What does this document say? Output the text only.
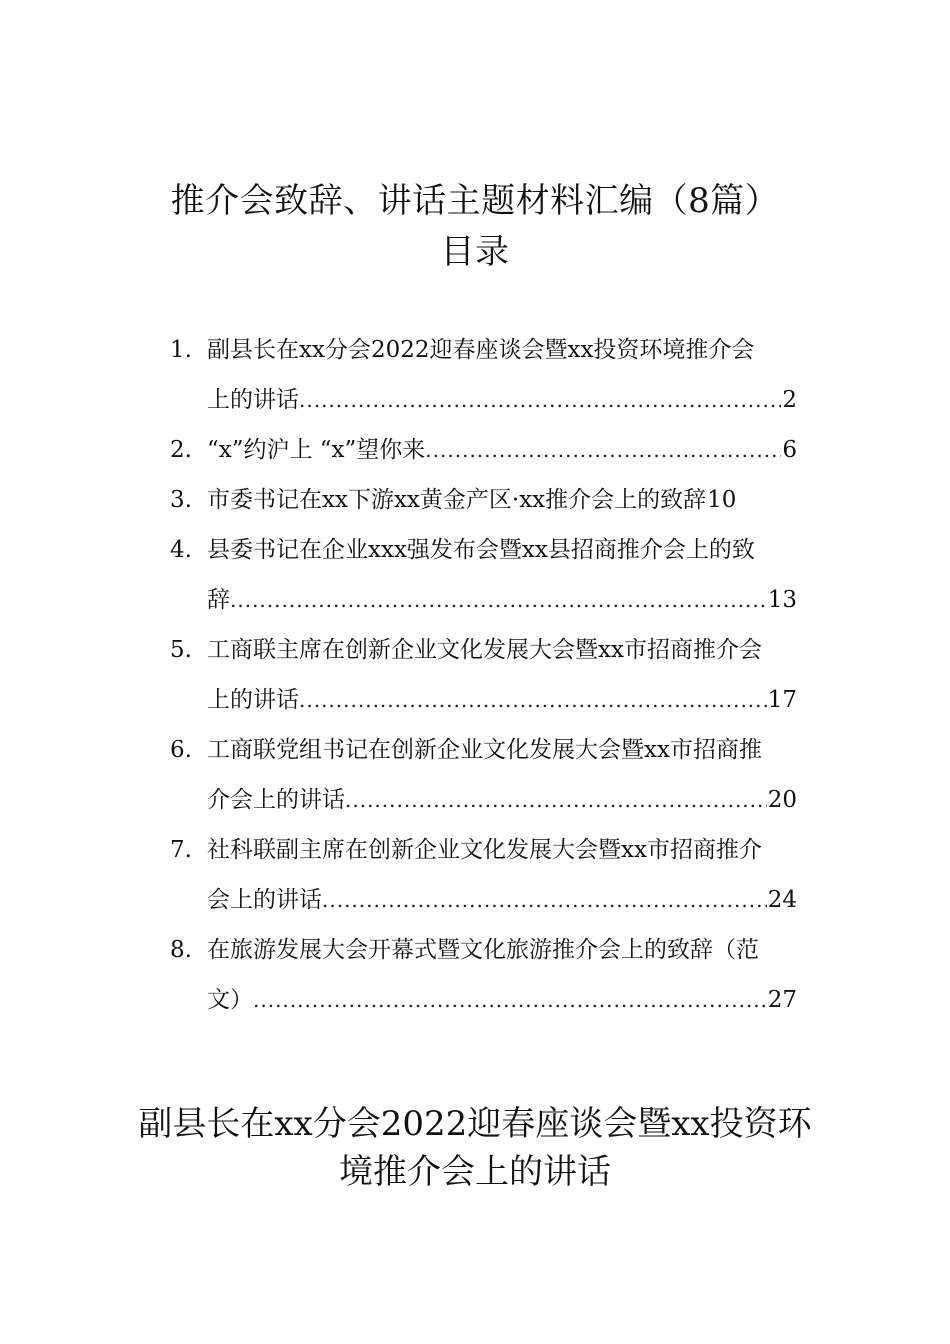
推介会致辞、讲话主题材料汇编（8篇）
目录
1. 副县长在xx分会2022迎春座谈会暨xx投资环境推介会
上的讲话 .....	2
2. “x”约沪上 “x”望你来 .....	6
3. 市委书记在xx下游xx黄金产区·xx推介会上的致辞 10
4. 县委书记在企业xxx强发布会暨xx县招商推介会上的致
辞 .....	13
5. 工商联主席在创新企业文化发展大会暨xx市招商推介会
上的讲话 .....	17
6. 工商联党组书记在创新企业文化发展大会暨xx市招商推
介会上的讲话 .....	20
7. 社科联副主席在创新企业文化发展大会暨xx市招商推介
会上的讲话 .....	24
8. 在旅游发展大会开幕式暨文化旅游推介会上的致辞（范
文） .....	27
副县长在xx分会2022迎春座谈会暨xx投资环
境推介会上的讲话
